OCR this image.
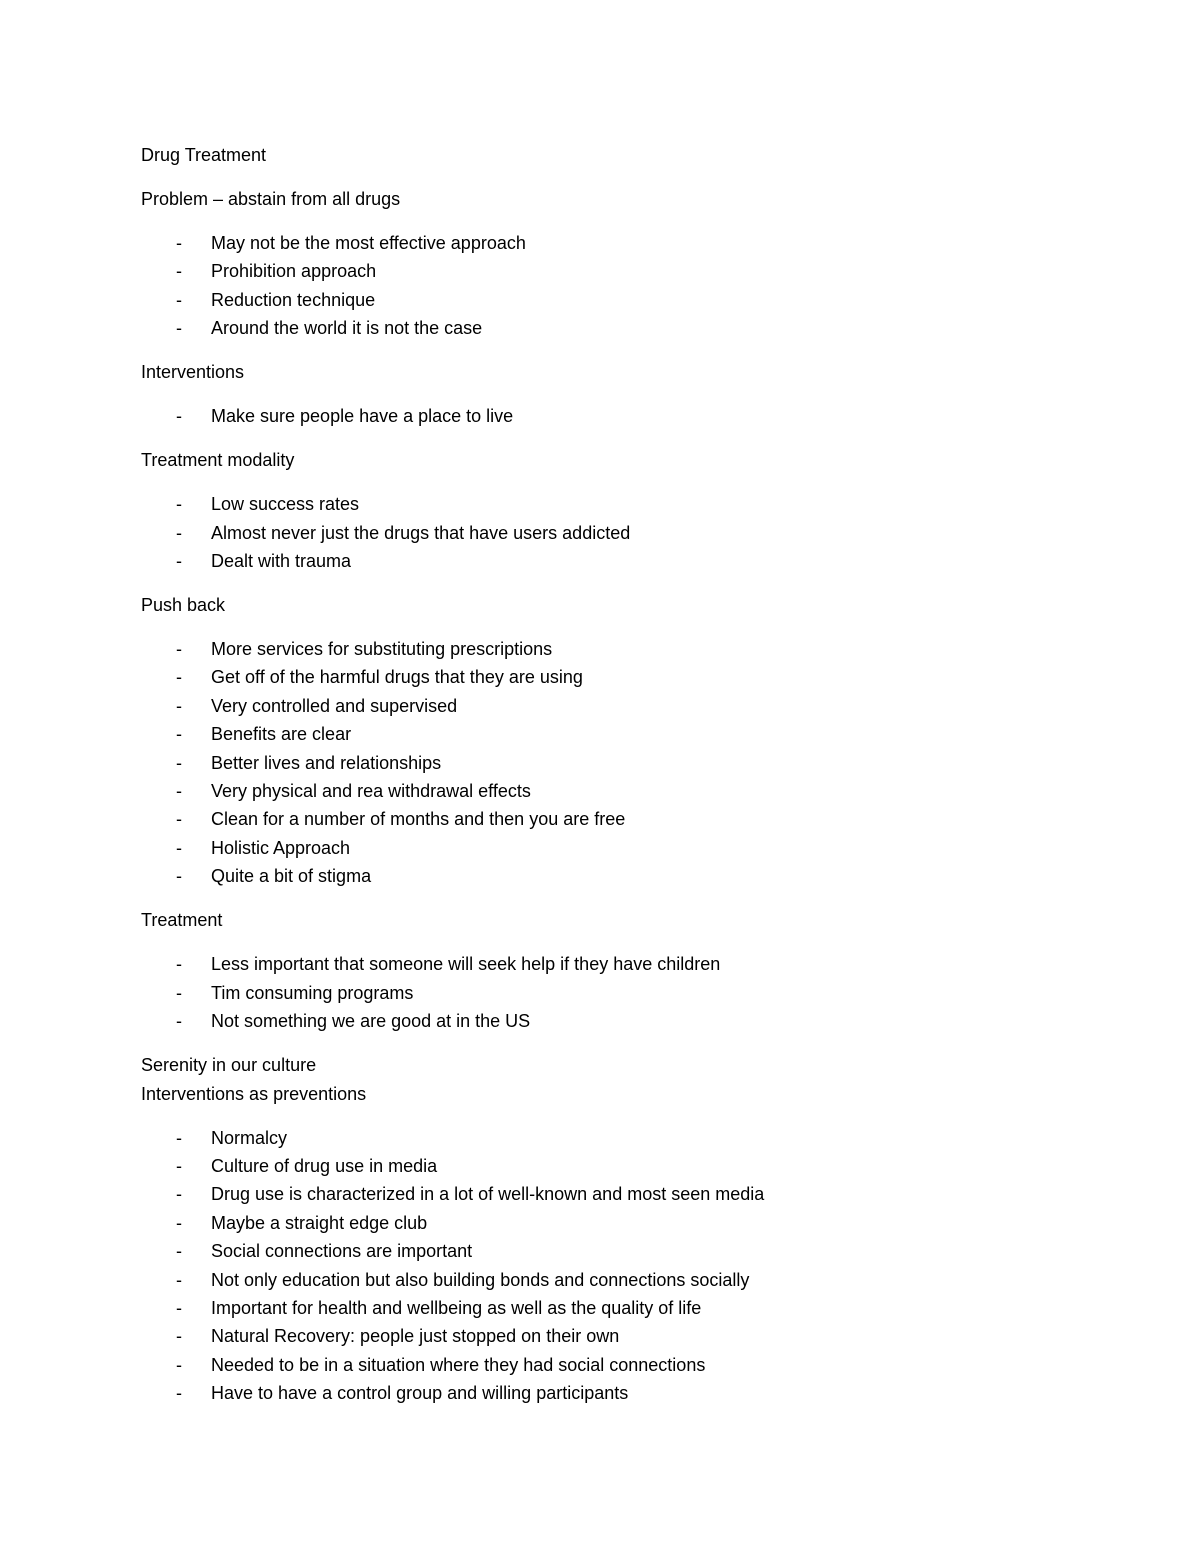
Drug Treatment
Problem – abstain from all drugs
- May not be the most effective approach
- Prohibition approach
- Reduction technique
- Around the world it is not the case
Interventions
- Make sure people have a place to live
Treatment modality
- Low success rates
- Almost never just the drugs that have users addicted
- Dealt with trauma
Push back
- More services for substituting prescriptions
- Get off of the harmful drugs that they are using
- Very controlled and supervised
- Benefits are clear
- Better lives and relationships
- Very physical and rea withdrawal effects
- Clean for a number of months and then you are free
- Holistic Approach
- Quite a bit of stigma
Treatment
- Less important that someone will seek help if they have children
- Tim consuming programs
- Not something we are good at in the US
Serenity in our culture
Interventions as preventions
- Normalcy
- Culture of drug use in media
- Drug use is characterized in a lot of well-known and most seen media
- Maybe a straight edge club
- Social connections are important
- Not only education but also building bonds and connections socially
- Important for health and wellbeing as well as the quality of life
- Natural Recovery: people just stopped on their own
- Needed to be in a situation where they had social connections
- Have to have a control group and willing participants
